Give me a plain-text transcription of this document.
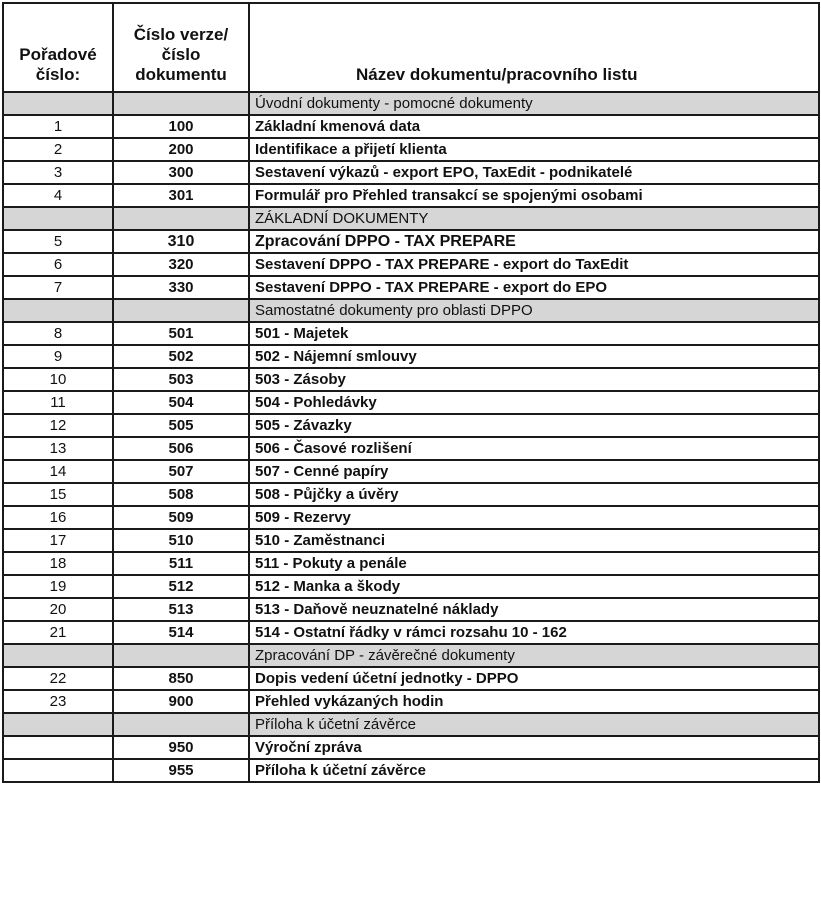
Pořadové
číslo:	Číslo verze/
číslo
dokumentu	Název dokumentu/pracovního listu
		Úvodní dokumenty - pomocné dokumenty
1	100	Základní kmenová data
2	200	Identifikace a přijetí klienta
3	300	Sestavení výkazů - export EPO, TaxEdit - podnikatelé
4	301	Formulář pro Přehled transakcí se spojenými osobami
		ZÁKLADNÍ DOKUMENTY
5	310	Zpracování DPPO - TAX PREPARE
6	320	Sestavení DPPO - TAX PREPARE - export do TaxEdit
7	330	Sestavení DPPO - TAX PREPARE - export do EPO
		Samostatné dokumenty pro oblasti DPPO
8	501	501 - Majetek
9	502	502 - Nájemní smlouvy
10	503	503 - Zásoby
11	504	504 - Pohledávky
12	505	505 - Závazky
13	506	506 - Časové rozlišení
14	507	507 - Cenné papíry
15	508	508 - Půjčky a úvěry
16	509	509 - Rezervy
17	510	510 - Zaměstnanci
18	511	511 - Pokuty a penále
19	512	512 - Manka a škody
20	513	513 - Daňově neuznatelné náklady
21	514	514 - Ostatní řádky v rámci rozsahu 10 - 162
		Zpracování DP - závěrečné dokumenty
22	850	Dopis vedení účetní jednotky - DPPO
23	900	Přehled vykázaných hodin
		Příloha k účetní závěrce
	950	Výroční zpráva
	955	Příloha k účetní závěrce
